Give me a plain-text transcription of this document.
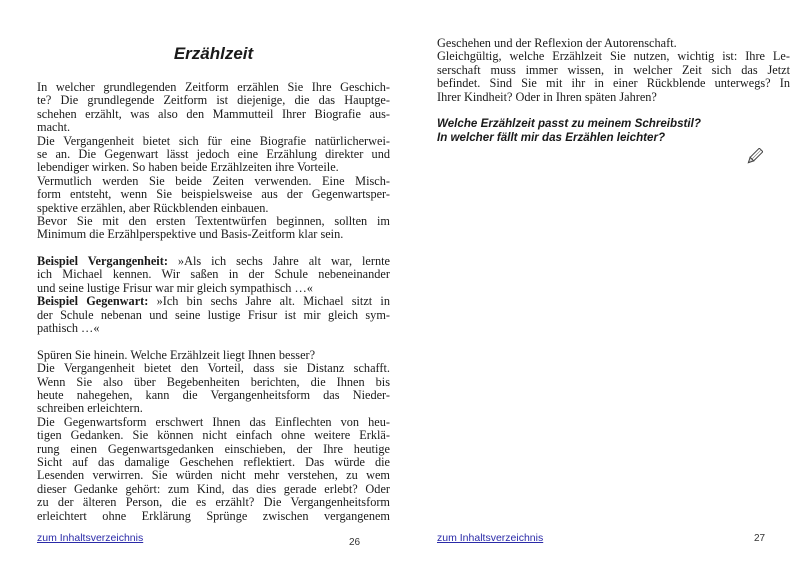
Erzählzeit
In welcher grundlegenden Zeitform erzählen Sie Ihre Geschich-
te? Die grundlegende Zeitform ist diejenige, die das Hauptge-
schehen erzählt, was also den Mammutteil Ihrer Biografie aus-
macht.
Die Vergangenheit bietet sich für eine Biografie natürlicherwei-
se an. Die Gegenwart lässt jedoch eine Erzählung direkter und
lebendiger wirken. So haben beide Erzählzeiten ihre Vorteile.
Vermutlich werden Sie beide Zeiten verwenden. Eine Misch-
form entsteht, wenn Sie beispielsweise aus der Gegenwartsper-
spektive erzählen, aber Rückblenden einbauen.
Bevor Sie mit den ersten Textentwürfen beginnen, sollten im
Minimum die Erzählperspektive und Basis-Zeitform klar sein.
Beispiel Vergangenheit: »Als ich sechs Jahre alt war, lernte
ich Michael kennen. Wir saßen in der Schule nebeneinander
und seine lustige Frisur war mir gleich sympathisch …«
Beispiel Gegenwart: »Ich bin sechs Jahre alt. Michael sitzt in
der Schule nebenan und seine lustige Frisur ist mir gleich sym-
pathisch …«
Spüren Sie hinein. Welche Erzählzeit liegt Ihnen besser?
Die Vergangenheit bietet den Vorteil, dass sie Distanz schafft.
Wenn Sie also über Begebenheiten berichten, die Ihnen bis
heute nahegehen, kann die Vergangenheitsform das Nieder-
schreiben erleichtern.
Die Gegenwartsform erschwert Ihnen das Einflechten von heu-
tigen Gedanken. Sie können nicht einfach ohne weitere Erklä-
rung einen Gegenwartsgedanken einschieben, der Ihre heutige
Sicht auf das damalige Geschehen reflektiert. Das würde die
Lesenden verwirren. Sie würden nicht mehr verstehen, zu wem
dieser Gedanke gehört: zum Kind, das dies gerade erlebt? Oder
zu der älteren Person, die es erzählt? Die Vergangenheitsform
erleichtert ohne Erklärung Sprünge zwischen vergangenem
zum Inhaltsverzeichnis	26
Geschehen und der Reflexion der Autorenschaft.
Gleichgültig, welche Erzählzeit Sie nutzen, wichtig ist: Ihre Le-
serschaft muss immer wissen, in welcher Zeit sich das Jetzt
befindet. Sind Sie mit ihr in einer Rückblende unterwegs? In
Ihrer Kindheit? Oder in Ihren späten Jahren?
Welche Erzählzeit passt zu meinem Schreibstil?
In welcher fällt mir das Erzählen leichter?
zum Inhaltsverzeichnis	27
